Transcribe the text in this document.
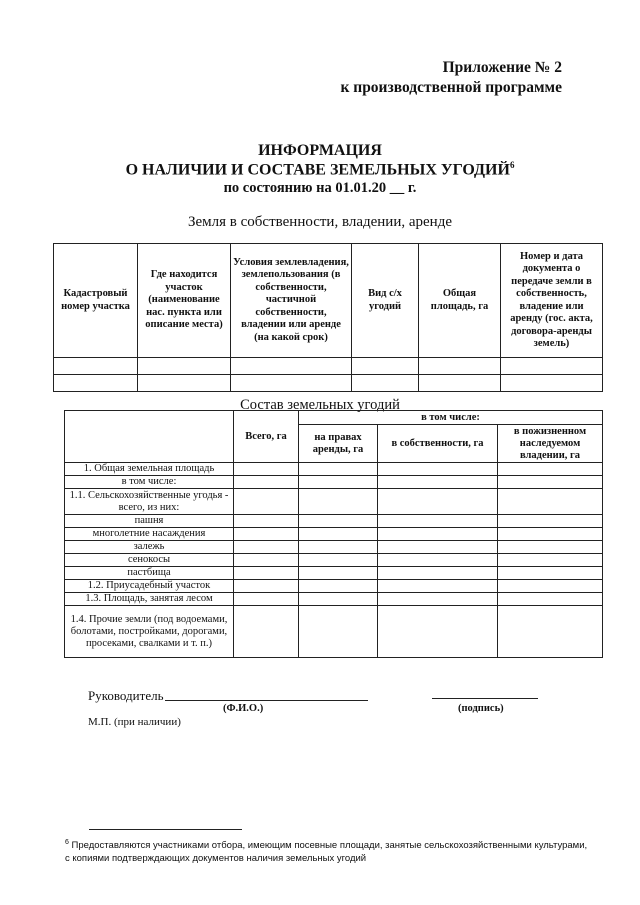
Приложение № 2
к производственной программе
ИНФОРМАЦИЯ
О НАЛИЧИИ И СОСТАВЕ ЗЕМЕЛЬНЫХ УГОДИЙ$^6$
по состоянию на 01.01.20 __ г.
Земля в собственности, владении, аренде
Кадастровый номер участка	Где находится участок (наименование нас. пункта или описание места)	Условия землевладения, землепользования (в собственности, частичной собственности, владении или аренде (на какой срок)	Вид с/х угодий	Общая площадь, га	Номер и дата документа о передаче земли в собственность, владение или аренду (гос. акта, договора-аренды земель)

Состав земельных угодий
	Всего, га	в том числе:		
		на правах аренды, га	в собственности, га	в пожизненном наследуемом владении, га
1. Общая земельная площадь				
в том числе:				
1.1. Сельскохозяйственные угодья - всего, из них:				
пашня				
многолетние насаждения				
залежь				
сенокосы				
пастбища				
1.2. Приусадебный участок				
1.3. Площадь, занятая лесом				
1.4. Прочие земли (под водоемами, болотами, постройками, дорогами, просеками, свалками и т. п.)				
Руководитель
(Ф.И.О.)	(подпись)
М.П. (при наличии)
$^6$ Предоставляются участниками отбора, имеющим посевные площади, занятые сельскохозяйственными культурами, с копиями подтверждающих документов наличия земельных угодий
